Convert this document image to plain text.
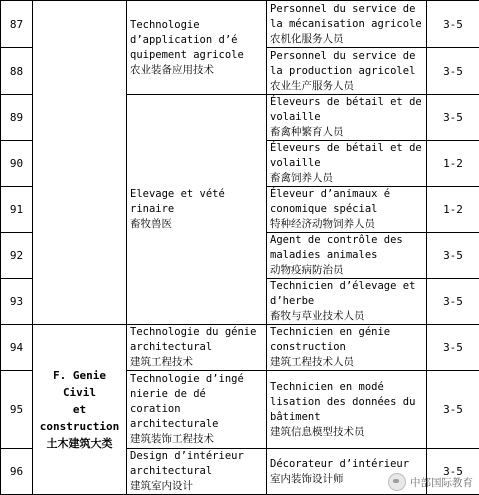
87		Technologie
d’application d’é
quipement agricole
农业装备应用技术	Personnel du service de
la mécanisation agricole
农机化服务人员	3-5
88			Personnel du service de
la production agricolel
农业生产服务人员	3-5
89		Elevage et vété
rinaire
畜牧兽医	Éleveurs de bétail et de
volaille
畜禽种繁育人员	3-5
90			Éleveurs de bétail et de
volaille
畜禽饲养人员	1-2
91			Éleveur d’animaux é
conomique spécial
特种经济动物饲养人员	1-2
92			Agent de contrôle des
maladies animales
动物疫病防治员	3-5
93			Technicien d’élevage et
d’herbe
畜牧与草业技术人员	3-5
94	F. Genie Civil
et
construction
土木建筑大类	Technologie du génie
architectural
建筑工程技术	Technicien en génie
construction
建筑工程技术人员	3-5
95		Technologie d’ingé
nierie de dé
coration
architecturale
建筑装饰工程技术	Technicien en modé
lisation des données du
bâtiment
建筑信息模型技术员	3-5
96		Design d’intérieur
architectural
建筑室内设计	Décorateur d’intérieur
室内装饰设计师	3-5
中部国际教育
